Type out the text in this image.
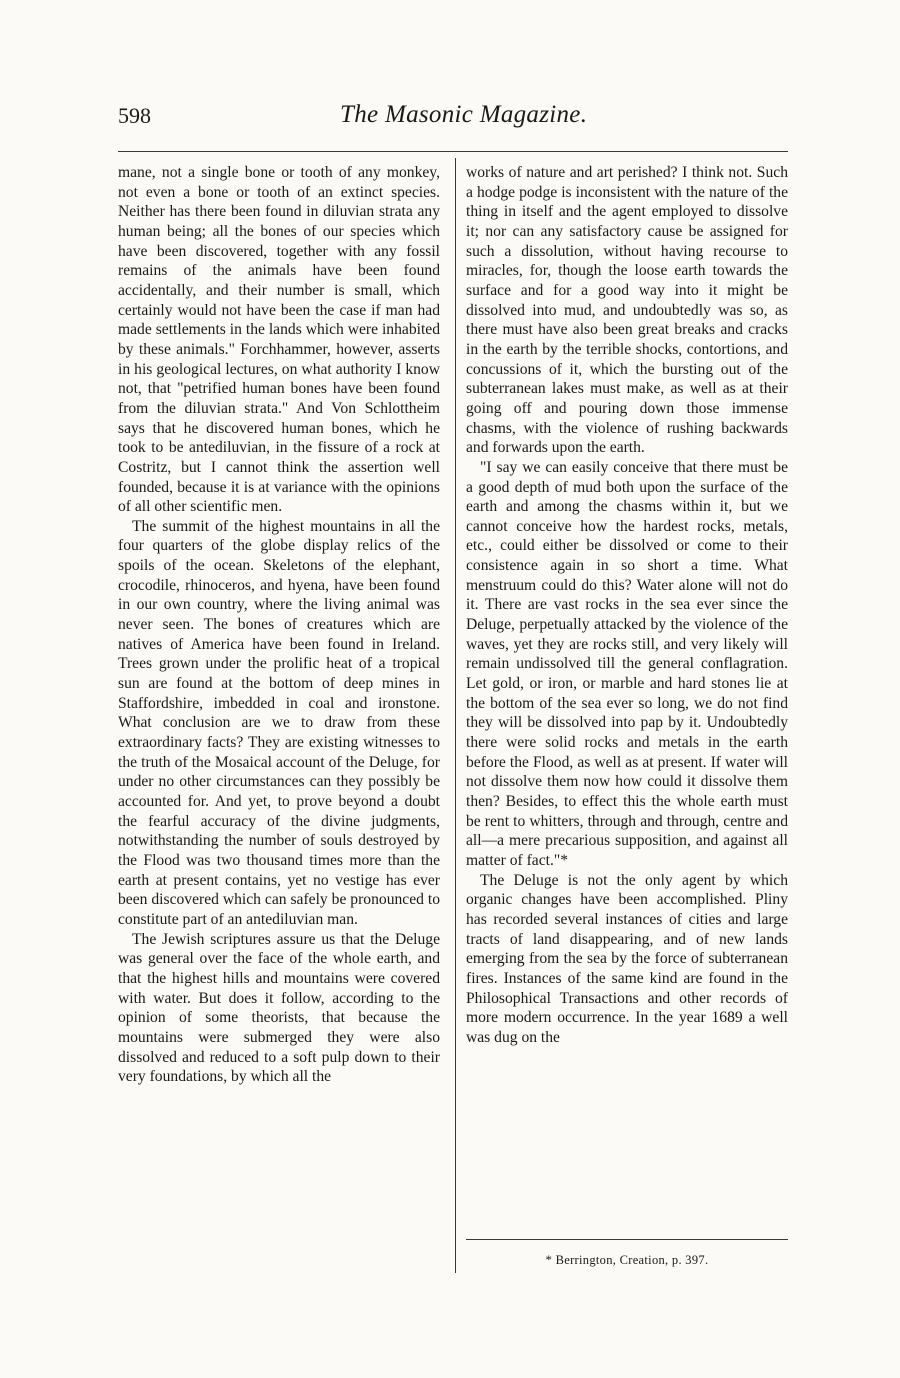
598	The Masonic Magazine.

mane, not a single bone or tooth of any monkey, not even a bone or tooth of an extinct species. Neither has there been found in diluvian strata any human being; all the bones of our species which have been discovered, together with any fossil remains of the animals have been found accidentally, and their number is small, which certainly would not have been the case if man had made settlements in the lands which were inhabited by these animals." Forchhammer, however, asserts in his geological lectures, on what authority I know not, that "petrified human bones have been found from the diluvian strata." And Von Schlottheim says that he discovered human bones, which he took to be antediluvian, in the fissure of a rock at Costritz, but I cannot think the assertion well founded, because it is at variance with the opinions of all other scientific men.

The summit of the highest mountains in all the four quarters of the globe display relics of the spoils of the ocean. Skeletons of the elephant, crocodile, rhinoceros, and hyena, have been found in our own country, where the living animal was never seen. The bones of creatures which are natives of America have been found in Ireland. Trees grown under the prolific heat of a tropical sun are found at the bottom of deep mines in Staffordshire, imbedded in coal and ironstone. What conclusion are we to draw from these extraordinary facts? They are existing witnesses to the truth of the Mosaical account of the Deluge, for under no other circumstances can they possibly be accounted for. And yet, to prove beyond a doubt the fearful accuracy of the divine judgments, notwithstanding the number of souls destroyed by the Flood was two thousand times more than the earth at present contains, yet no vestige has ever been discovered which can safely be pronounced to constitute part of an antediluvian man.

The Jewish scriptures assure us that the Deluge was general over the face of the whole earth, and that the highest hills and mountains were covered with water. But does it follow, according to the opinion of some theorists, that because the mountains were submerged they were also dissolved and reduced to a soft pulp down to their very foundations, by which all the

works of nature and art perished? I think not. Such a hodge podge is inconsistent with the nature of the thing in itself and the agent employed to dissolve it; nor can any satisfactory cause be assigned for such a dissolution, without having recourse to miracles, for, though the loose earth towards the surface and for a good way into it might be dissolved into mud, and undoubtedly was so, as there must have also been great breaks and cracks in the earth by the terrible shocks, contortions, and concussions of it, which the bursting out of the subterranean lakes must make, as well as at their going off and pouring down those immense chasms, with the violence of rushing backwards and forwards upon the earth.

"I say we can easily conceive that there must be a good depth of mud both upon the surface of the earth and among the chasms within it, but we cannot conceive how the hardest rocks, metals, etc., could either be dissolved or come to their consistence again in so short a time. What menstruum could do this? Water alone will not do it. There are vast rocks in the sea ever since the Deluge, perpetually attacked by the violence of the waves, yet they are rocks still, and very likely will remain undissolved till the general conflagration. Let gold, or iron, or marble and hard stones lie at the bottom of the sea ever so long, we do not find they will be dissolved into pap by it. Undoubtedly there were solid rocks and metals in the earth before the Flood, as well as at present. If water will not dissolve them now how could it dissolve them then? Besides, to effect this the whole earth must be rent to whitters, through and through, centre and all—a mere precarious supposition, and against all matter of fact."*

The Deluge is not the only agent by which organic changes have been accomplished. Pliny has recorded several instances of cities and large tracts of land disappearing, and of new lands emerging from the sea by the force of subterranean fires. Instances of the same kind are found in the Philosophical Transactions and other records of more modern occurrence. In the year 1689 a well was dug on the

* Berrington, Creation, p. 397.
